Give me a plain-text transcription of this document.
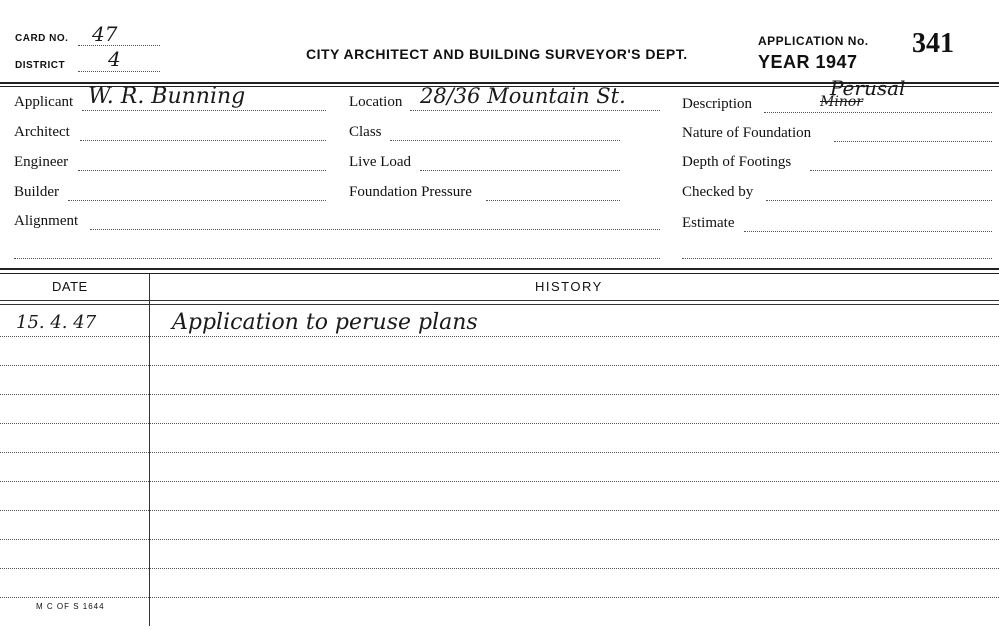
CARD NO. 47
DISTRICT 4	CITY ARCHITECT AND BUILDING SURVEYOR'S DEPT.
APPLICATION No. 341
YEAR 1947
Applicant W. R. Bunning
Architect
Engineer
Builder
Alignment
Location 28/36 Mountain St.
Class
Live Load
Foundation Pressure
Description
Perusal
Minor
Nature of Foundation
Depth of Footings
Checked by
Estimate
DATE	HISTORY
15. 4. 47	Application to peruse plans
M C OF S 1644
